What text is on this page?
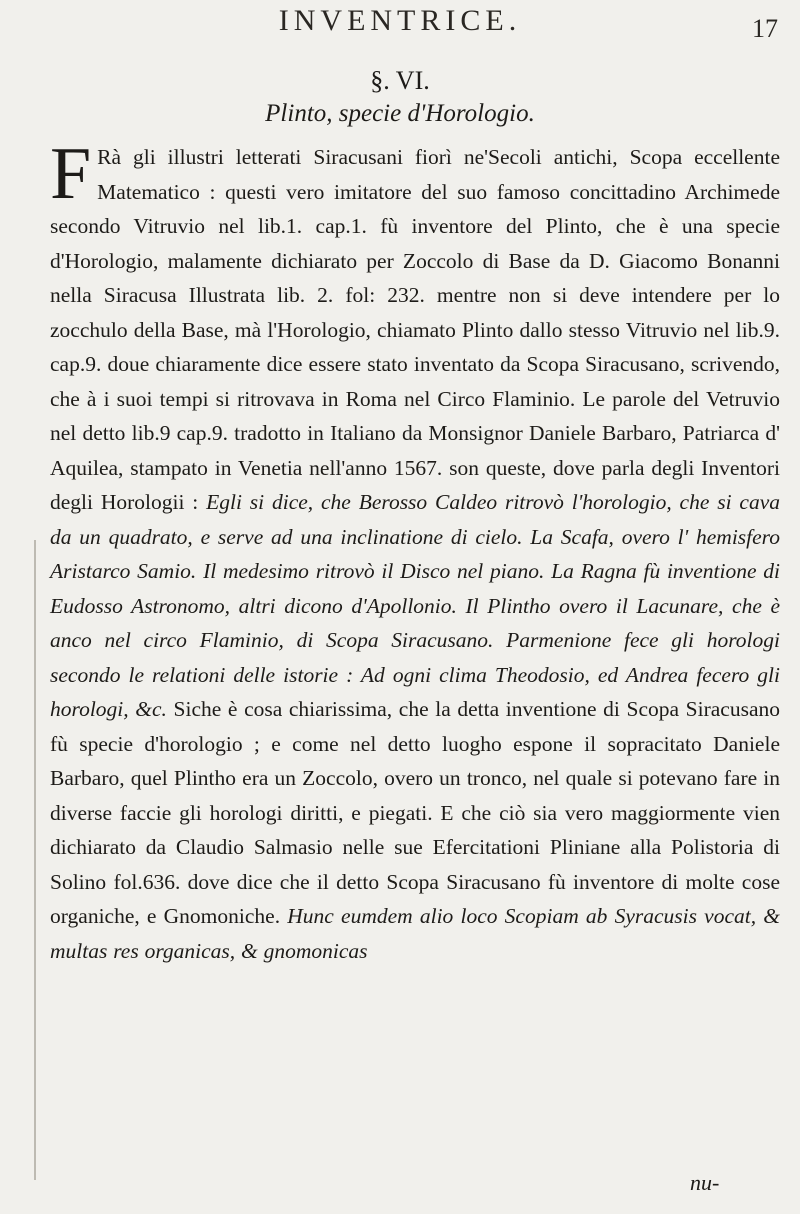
INVENTRICE.	17
§. VI.
Plinto, specie d'Horologio.

F Rà gli illustri letterati Siracusani fiorì ne'Secoli antichi, Scopa eccellente Matematico : questi vero imitatore del suo famoso concittadino Archimede secondo Vitruvio nel lib.1. cap.1. fù inventore del Plinto, che è una specie d'Horologio, malamente dichiarato per Zoccolo di Base da D. Giacomo Bonanni nella Siracusa Illustrata lib. 2. fol: 232. mentre non si deve intendere per lo zocchulo della Base, mà l'Horologio, chiamato Plinto dallo stesso Vitruvio nel lib.9. cap.9. doue chiaramente dice essere stato inventato da Scopa Siracusano, scrivendo, che à i suoi tempi si ritrovava in Roma nel Circo Flaminio. Le parole del Vetruvio nel detto lib.9 cap.9. tradotto in Italiano da Monsignor Daniele Barbaro, Patriarca d' Aquilea, stampato in Venetia nell'anno 1567. son queste, dove parla degli Inventori degli Horologii : Egli si dice, che Berosso Caldeo ritrovò l'horologio, che si cava da un quadrato, e serve ad una inclinatione di cielo. La Scafa, overo l' hemisfero Aristarco Samio. Il medesimo ritrovò il Disco nel piano. La Ragna fù inventione di Eudosso Astronomo, altri dicono d'Apollonio. Il Plintho overo il Lacunare, che è anco nel circo Flaminio, di Scopa Siracusano. Parmenione fece gli horologi secondo le relationi delle istorie : Ad ogni clima Theodosio, ed Andrea fecero gli horologi, &c. Siche è cosa chiarissima, che la detta inventione di Scopa Siracusano fù specie d'horologio ; e come nel detto luogho espone il sopracitato Daniele Barbaro, quel Plintho era un Zoccolo, overo un tronco, nel quale si potevano fare in diverse faccie gli horologi diritti, e piegati. E che ciò sia vero maggiormente vien dichiarato da Claudio Salmasio nelle sue Efercitationi Pliniane alla Polistoria di Solino fol.636. dove dice che il detto Scopa Siracusano fù inventore di molte cose organiche, e Gnomoniche. Hunc eumdem alio loco Scopiam ab Syracusis vocat, & multas res organicas, & gnomonicas

nu-
